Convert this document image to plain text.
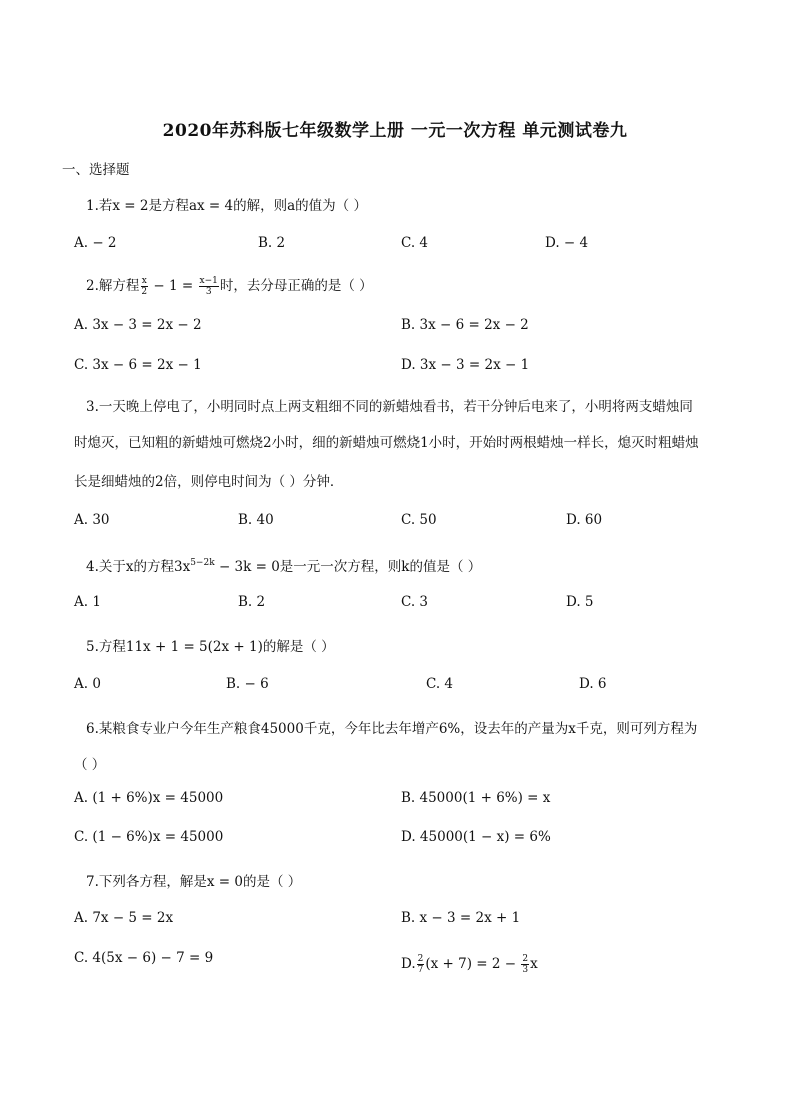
2020年苏科版七年级数学上册 一元一次方程 单元测试卷九
一、选择题
1.若x = 2是方程ax = 4的解，则a的值为（ ）
A. − 2	B. 2	C. 4	D. − 4
2.解方程 $\frac{x}{2} - 1 = \frac{x-1}{3}$ 时，去分母正确的是（ ）
A. 3x − 3 = 2x − 2	B. 3x − 6 = 2x − 2
C. 3x − 6 = 2x − 1	D. 3x − 3 = 2x − 1
3.一天晚上停电了，小明同时点上两支粗细不同的新蜡烛看书，若干分钟后电来了，小明将两支蜡烛同
时熄灭，已知粗的新蜡烛可燃烧2小时，细的新蜡烛可燃烧1小时，开始时两根蜡烛一样长，熄灭时粗蜡烛
长是细蜡烛的2倍，则停电时间为（ ）分钟．
A. 30	B. 40	C. 50	D. 60
4.关于x的方程$3x^{5-2k} - 3k = 0$是一元一次方程，则k的值是（ ）
A. 1	B. 2	C. 3	D. 5
5.方程11x + 1 = 5(2x + 1)的解是（ ）
A. 0	B. − 6	C. 4	D. 6
6.某粮食专业户今年生产粮食45000千克，今年比去年增产6%，设去年的产量为x千克，则可列方程为
（ ）
A. (1 + 6%)x = 45000	B. 45000(1 + 6%) = x
C. (1 − 6%)x = 45000	D. 45000(1 − x) = 6%
7.下列各方程，解是x = 0的是（ ）
A. 7x − 5 = 2x	B. x − 3 = 2x + 1
C. 4(5x − 6) − 7 = 9	D. $\frac{2}{7} (x + 7) = 2 - \frac{2}{3}$ x
